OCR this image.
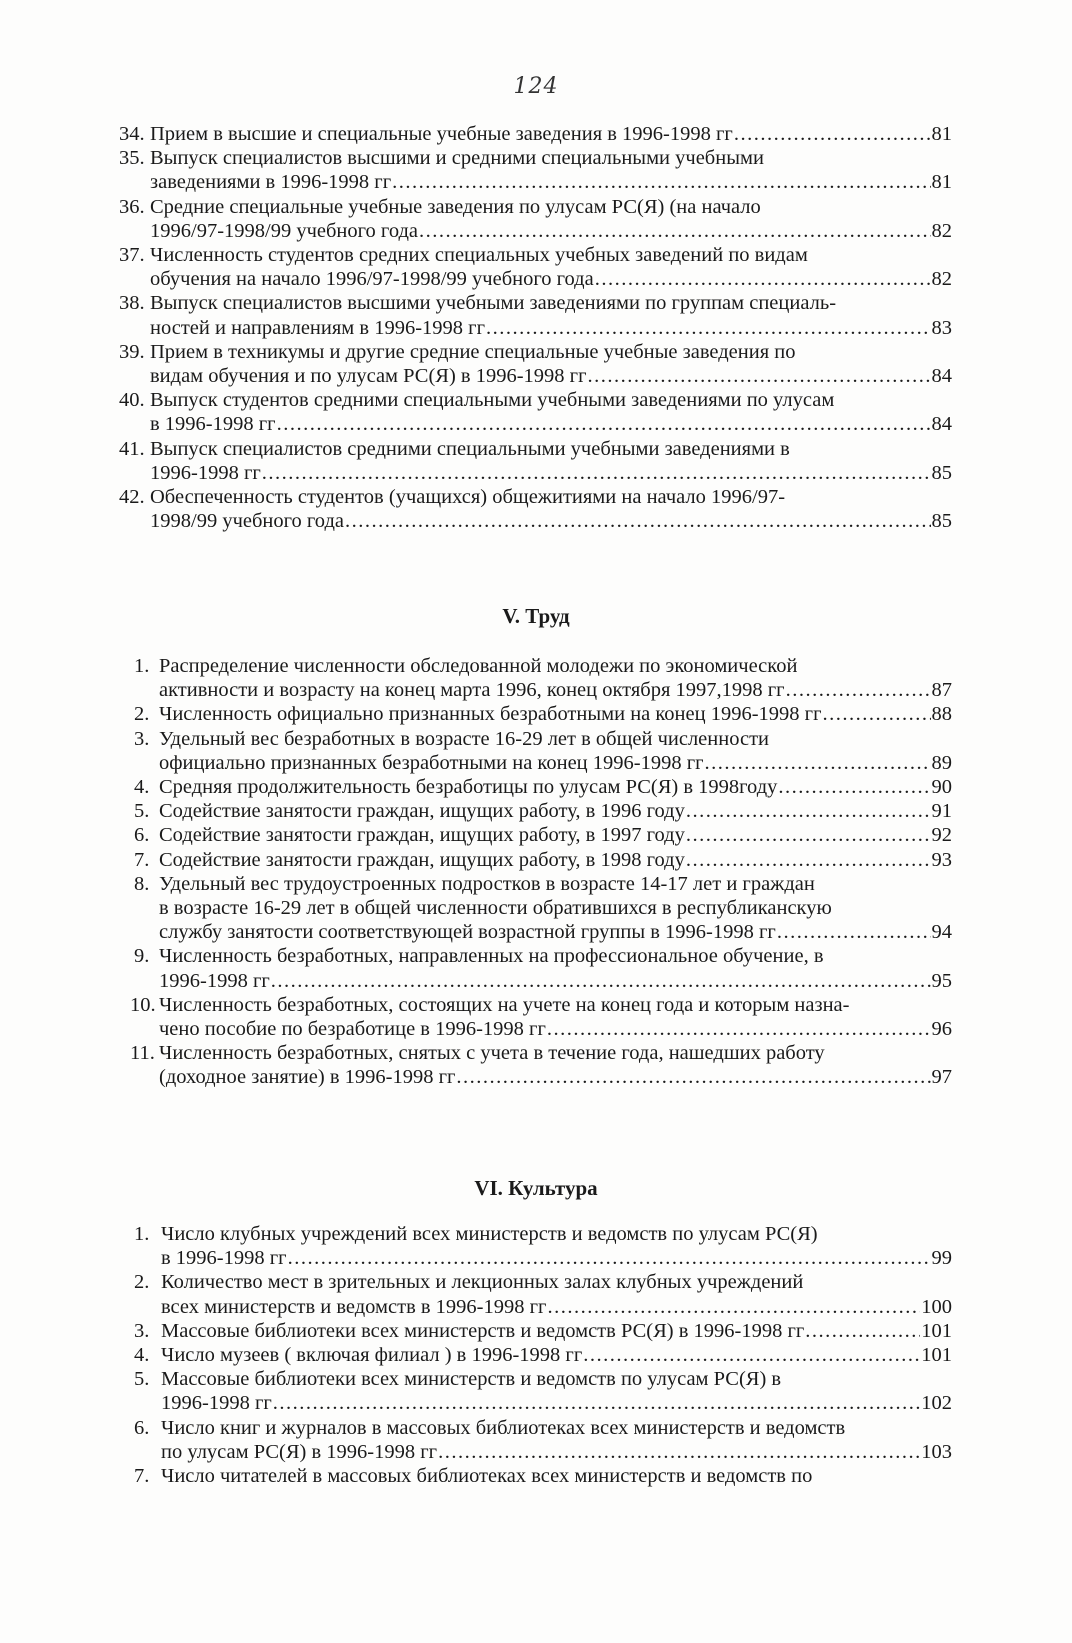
124
34. Прием в высшие и специальные учебные заведения в 1996-1998 гг .....	81
35. Выпуск специалистов высшими и средними специальными учебными
заведениями в 1996-1998 гг .....	81
36. Средние специальные учебные заведения по улусам РС(Я) (на начало
1996/97-1998/99 учебного года .....	82
37. Численность студентов средних специальных учебных заведений по видам
обучения на начало 1996/97-1998/99 учебного года .....	82
38. Выпуск специалистов высшими учебными заведениями по группам специаль-
ностей и направлениям в 1996-1998 гг .....	83
39. Прием в техникумы и другие средние специальные учебные заведения по
видам обучения и по улусам РС(Я) в 1996-1998 гг .....	84
40. Выпуск студентов средними специальными учебными заведениями по улусам
в 1996-1998 гг .....	84
41. Выпуск специалистов средними специальными учебными заведениями в
1996-1998 гг .....	85
42. Обеспеченность студентов (учащихся) общежитиями на начало 1996/97-
1998/99 учебного года .....	85
V. Труд
1. Распределение численности обследованной молодежи по экономической
активности и возрасту на конец марта 1996, конец октября 1997,1998 гг .....	87
2. Численность официально признанных безработными на конец 1996-1998 гг .....	88
3. Удельный вес безработных в возрасте 16-29 лет в общей численности
официально признанных безработными на конец 1996-1998 гг .....	89
4. Средняя продолжительность безработицы по улусам РС(Я) в 1998году .....	90
5. Содействие занятости граждан, ищущих работу, в 1996 году .....	91
6. Содействие занятости граждан, ищущих работу, в 1997 году .....	92
7. Содействие занятости граждан, ищущих работу, в 1998 году .....	93
8. Удельный вес трудоустроенных подростков в возрасте 14-17 лет и граждан
в возрасте 16-29 лет в общей численности обратившихся в республиканскую
службу занятости соответствующей возрастной группы в 1996-1998 гг .....	94
9. Численность безработных, направленных на профессиональное обучение, в
1996-1998 гг .....	95
10. Численность безработных, состоящих на учете на конец года и которым назна-
чено пособие по безработице в 1996-1998 гг .....	96
11. Численность безработных, снятых с учета в течение года, нашедших работу
(доходное занятие) в 1996-1998 гг .....	97
VI. Культура
1. Число клубных учреждений всех министерств и ведомств по улусам РС(Я)
в 1996-1998 гг .....	99
2. Количество мест в зрительных и лекционных залах клубных учреждений
всех министерств и ведомств в 1996-1998 гг .....	100
3. Массовые библиотеки всех министерств и ведомств РС(Я) в 1996-1998 гг .....	101
4. Число музеев ( включая филиал ) в 1996-1998 гг .....	101
5. Массовые библиотеки всех министерств и ведомств по улусам РС(Я) в
1996-1998 гг .....	102
6. Число книг и журналов в массовых библиотеках всех министерств и ведомств
по улусам РС(Я) в 1996-1998 гг .....	103
7. Число читателей в массовых библиотеках всех министерств и ведомств по
